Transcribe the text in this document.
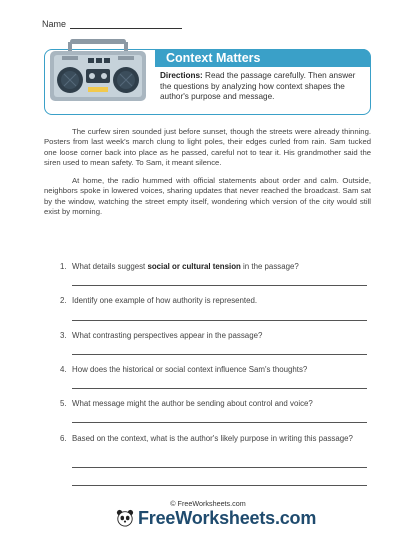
Name
Context Matters
Directions: Read the passage carefully. Then answer the questions by analyzing how context shapes the author's purpose and message.

The curfew siren sounded just before sunset, though the streets were already thinning. Posters from last week's march clung to light poles, their edges curled from rain. Sam tucked one loose corner back into place as he passed, careful not to tear it. His grandmother said the siren used to mean safety. To Sam, it meant silence.

At home, the radio hummed with official statements about order and calm. Outside, neighbors spoke in lowered voices, sharing updates that never reached the broadcast. Sam sat by the window, watching the street empty itself, wondering which version of the city would still exist by morning.

1. What details suggest social or cultural tension in the passage?
2. Identify one example of how authority is represented.
3. What contrasting perspectives appear in the passage?
4. How does the historical or social context influence Sam's thoughts?
5. What message might the author be sending about control and voice?
6. Based on the context, what is the author's likely purpose in writing this passage?
© FreeWorksheets.com
FreeWorksheets.com
